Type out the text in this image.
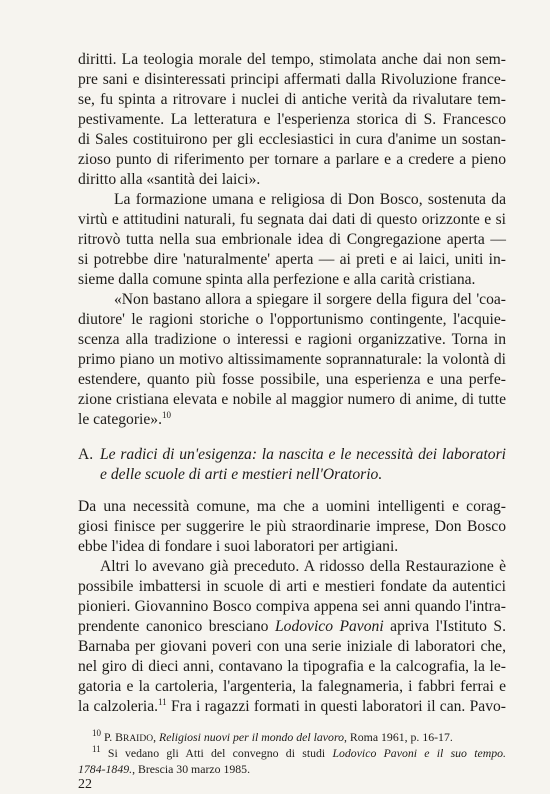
diritti. La teologia morale del tempo, stimolata anche dai non sem-
pre sani e disinteressati principi affermati dalla Rivoluzione france-
se, fu spinta a ritrovare i nuclei di antiche verità da rivalutare tem-
pestivamente. La letteratura e l'esperienza storica di S. Francesco
di Sales costituirono per gli ecclesiastici in cura d'anime un sostan-
zioso punto di riferimento per tornare a parlare e a credere a pieno
diritto alla «santità dei laici».
La formazione umana e religiosa di Don Bosco, sostenuta da
virtù e attitudini naturali, fu segnata dai dati di questo orizzonte e si
ritrovò tutta nella sua embrionale idea di Congregazione aperta —
si potrebbe dire 'naturalmente' aperta — ai preti e ai laici, uniti in-
sieme dalla comune spinta alla perfezione e alla carità cristiana.
«Non bastano allora a spiegare il sorgere della figura del 'coa-
diutore' le ragioni storiche o l'opportunismo contingente, l'acquie-
scenza alla tradizione o interessi e ragioni organizzative. Torna in
primo piano un motivo altissimamente soprannaturale: la volontà di
estendere, quanto più fosse possibile, una esperienza e una perfe-
zione cristiana elevata e nobile al maggior numero di anime, di tutte
le categorie».$^{10}$
A. Le radici di un'esigenza: la nascita e le necessità dei laboratori
e delle scuole di arti e mestieri nell'Oratorio.
Da una necessità comune, ma che a uomini intelligenti e corag-
giosi finisce per suggerire le più straordinarie imprese, Don Bosco
ebbe l'idea di fondare i suoi laboratori per artigiani.
Altri lo avevano già preceduto. A ridosso della Restaurazione è
possibile imbattersi in scuole di arti e mestieri fondate da autentici
pionieri. Giovannino Bosco compiva appena sei anni quando l'intra-
prendente canonico bresciano Lodovico Pavoni apriva l'Istituto S.
Barnaba per giovani poveri con una serie iniziale di laboratori che,
nel giro di dieci anni, contavano la tipografia e la calcografia, la le-
gatoria e la cartoleria, l'argenteria, la falegnameria, i fabbri ferrai e
la calzoleria.$^{11}$ Fra i ragazzi formati in questi laboratori il can. Pavo-
$^{10}$ P. BRAIDO, Religiosi nuovi per il mondo del lavoro, Roma 1961, p. 16-17.
$^{11}$ Si vedano gli Atti del convegno di studi Lodovico Pavoni e il suo tempo.
1784-1849., Brescia 30 marzo 1985.
22
